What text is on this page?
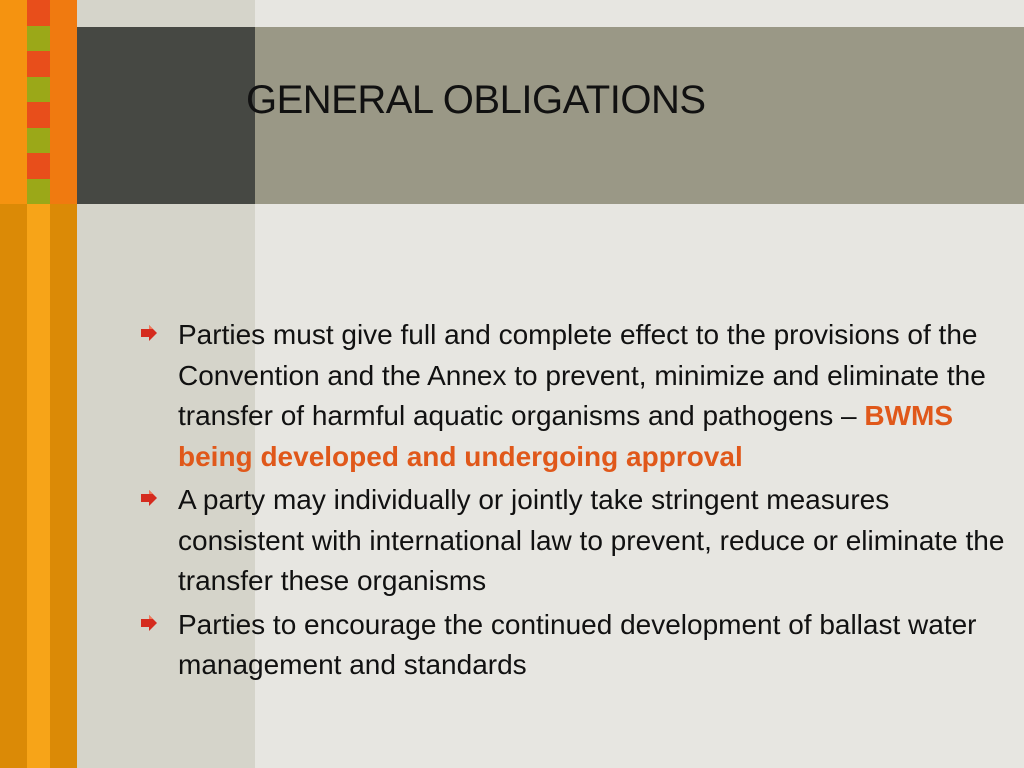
GENERAL OBLIGATIONS
Parties must give full and complete effect to the provisions of the Convention and the Annex to prevent, minimize and eliminate the transfer of harmful aquatic organisms and pathogens – BWMS being developed and undergoing approval
A party may individually or jointly take stringent measures consistent with international law to prevent, reduce or eliminate the transfer these organisms
Parties to encourage the continued development of ballast water management and standards
